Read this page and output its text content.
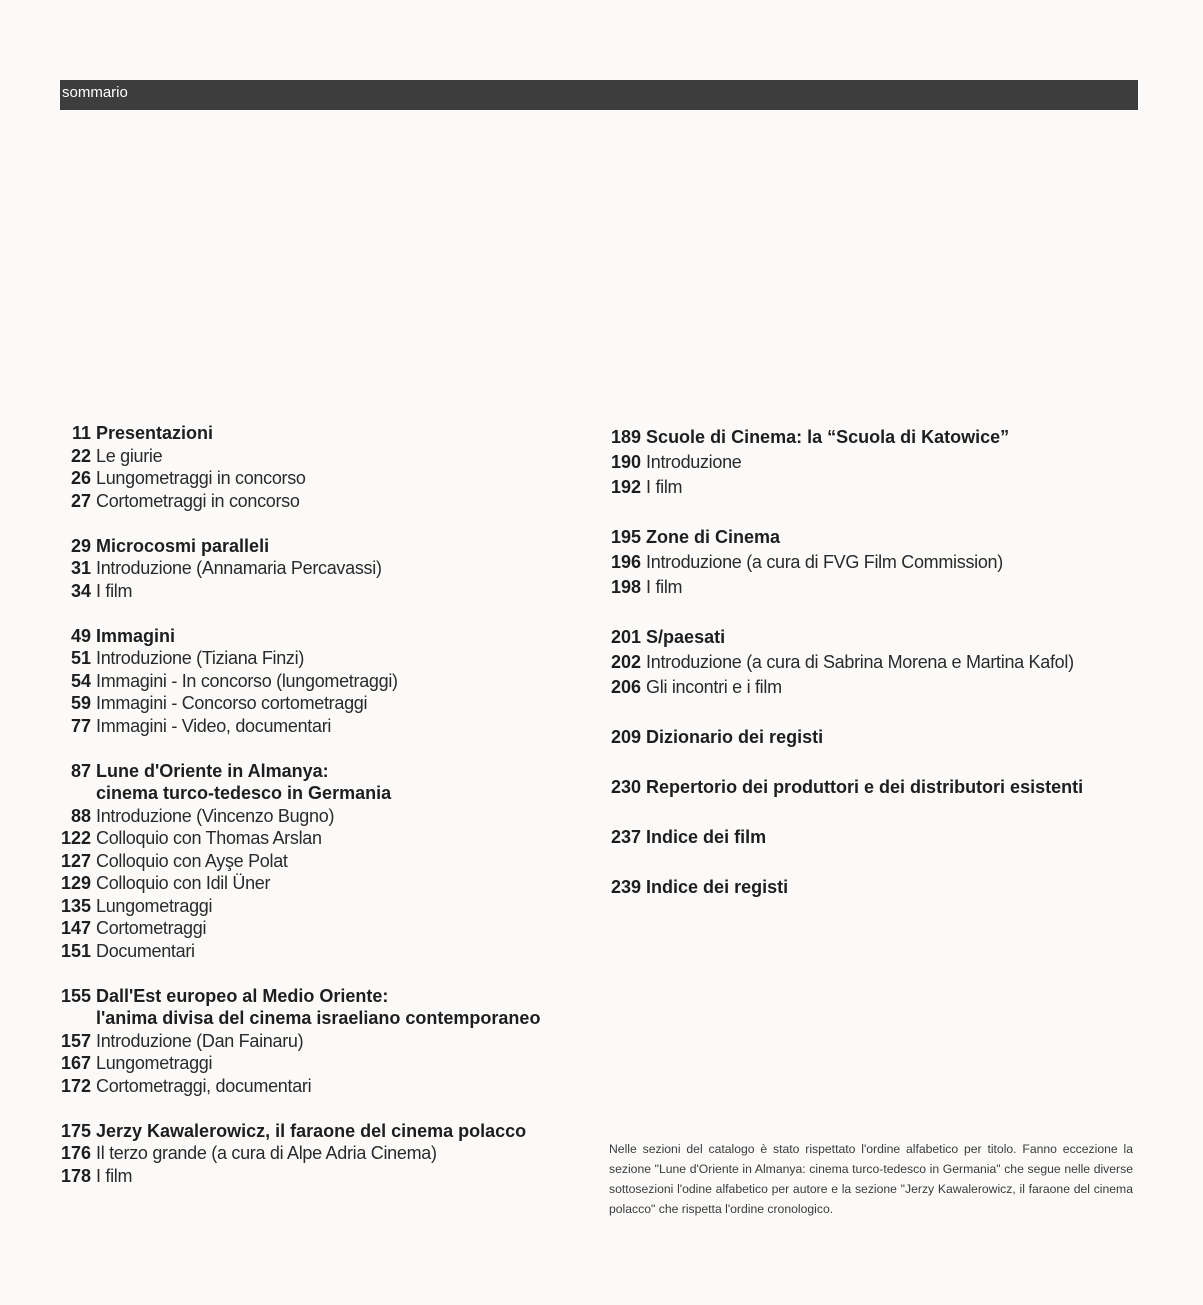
sommario
11 Presentazioni
22 Le giurie
26 Lungometraggi in concorso
27 Cortometraggi in concorso
29 Microcosmi paralleli
31 Introduzione (Annamaria Percavassi)
34 I film
49 Immagini
51 Introduzione (Tiziana Finzi)
54 Immagini - In concorso (lungometraggi)
59 Immagini - Concorso cortometraggi
77 Immagini - Video, documentari
87 Lune d'Oriente in Almanya:
cinema turco-tedesco in Germania
88 Introduzione (Vincenzo Bugno)
122 Colloquio con Thomas Arslan
127 Colloquio con Ayşe Polat
129 Colloquio con Idil Üner
135 Lungometraggi
147 Cortometraggi
151 Documentari
155 Dall'Est europeo al Medio Oriente:
l'anima divisa del cinema israeliano contemporaneo
157 Introduzione (Dan Fainaru)
167 Lungometraggi
172 Cortometraggi, documentari
175 Jerzy Kawalerowicz, il faraone del cinema polacco
176 Il terzo grande (a cura di Alpe Adria Cinema)
178 I film
189 Scuole di Cinema: la “Scuola di Katowice”
190 Introduzione
192 I film
195 Zone di Cinema
196 Introduzione (a cura di FVG Film Commission)
198 I film
201 S/paesati
202 Introduzione (a cura di Sabrina Morena e Martina Kafol)
206 Gli incontri e i film
209 Dizionario dei registi
230 Repertorio dei produttori e dei distributori esistenti
237 Indice dei film
239 Indice dei registi
Nelle sezioni del catalogo è stato rispettato l'ordine alfabetico per titolo. Fanno eccezione la sezione "Lune d'Oriente in Almanya: cinema turco-tedesco in Germania" che segue nelle diverse sottosezioni l'odine alfabetico per autore e la sezione "Jerzy Kawalerowicz, il faraone del cinema polacco" che rispetta l'ordine cronologico.
